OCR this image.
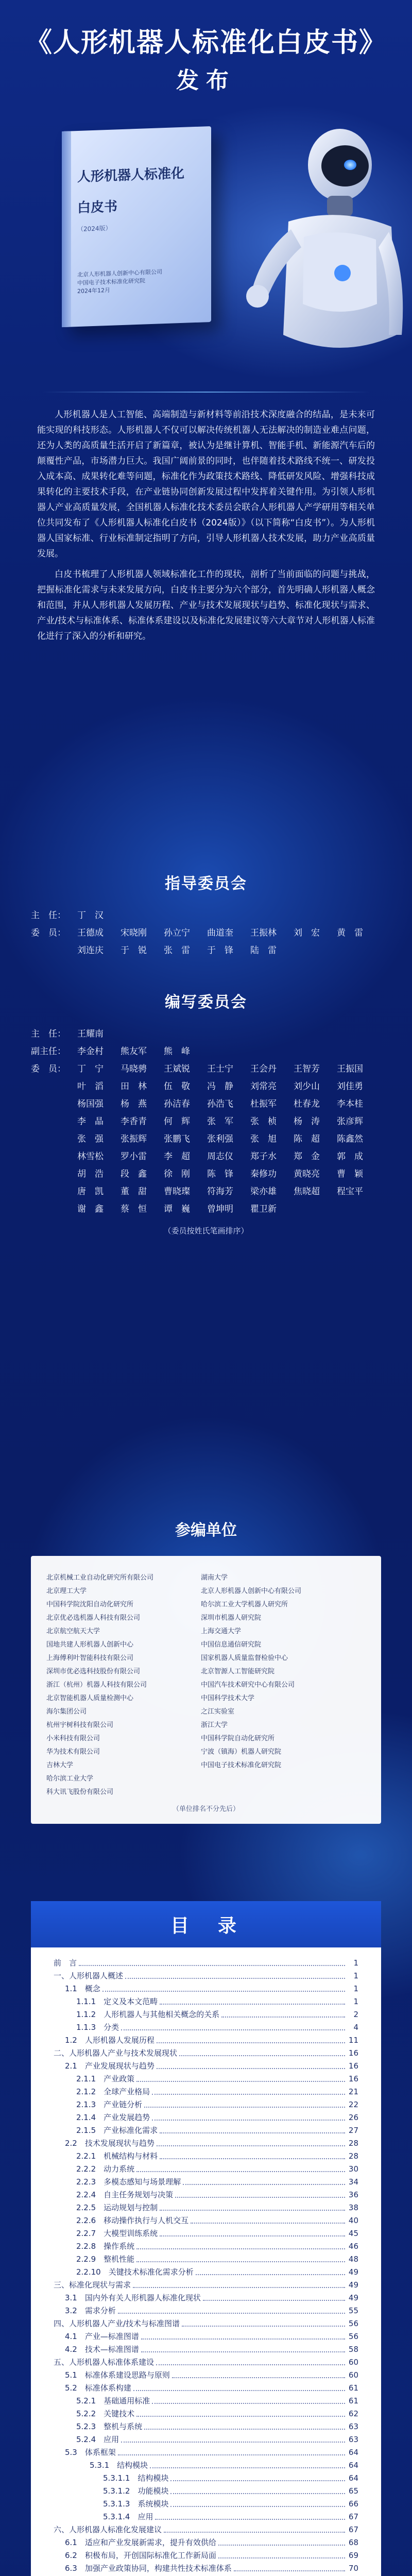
《人形机器人标准化白皮书》
发布
人形机器人标准化
白皮书
（2024版）
北京人形机器人创新中心有限公司
中国电子技术标准化研究院
2024年12月

人形机器人是人工智能、高端制造与新材料等前沿技术深度融合的结晶，是未来可能实现的科技形态。人形机器人不仅可以解决传统机器人无法解决的制造业难点问题，还为人类的高质量生活开启了新篇章，被认为是继计算机、智能手机、新能源汽车后的颠覆性产品，市场潜力巨大。我国广阔前景的同时，也伴随着技术路线不统一、研发投入成本高、成果转化难等问题，标准化作为政策技术路线、降低研发风险、增强科技成果转化的主要技术手段，在产业链协同创新发展过程中发挥着关键作用。为引领人形机器人产业高质量发展，全国机器人标准化技术委员会联合人形机器人产学研用等相关单位共同发布了《人形机器人标准化白皮书（2024版）》（以下简称“白皮书”）。为人形机器人国家标准、行业标准制定指明了方向，引导人形机器人技术发展，助力产业高质量发展。

白皮书梳理了人形机器人领域标准化工作的现状，剖析了当前面临的问题与挑战，把握标准化需求与未来发展方向，白皮书主要分为六个部分，首先明确人形机器人概念和范围，并从人形机器人发展历程、产业与技术发展现状与趋势、标准化现状与需求、产业/技术与标准体系、标准体系建设以及标准化发展建议等六大章节对人形机器人标准化进行了深入的分析和研究。

指导委员会
主　任：	丁　汉
委　员：	王德成	宋晓刚	孙立宁	曲道奎	王振林	刘　宏	黄　雷
刘连庆	于　锐	张　雷	于　锋	陆　雷
编写委员会
主　任：	王耀南
副主任：	李金村	熊友军	熊　峰
委　员：	丁　宁	马晓骋	王斌锐	王士宁	王会丹	王智芳	王振国
叶　滔	田　林	伍　敬	冯　静	刘常亮	刘少山	刘佳勇
杨国强	杨　燕	孙洁春	孙浩飞	杜振军	杜春龙	李本桂
李　晶	李香青	何　辉	张　军	张　桢	杨　涛	张彦辉
张　强	张振辉	张鹏飞	张利强	张　旭	陈　超	陈鑫然
林雪松	罗小雷	李　超	周志仪	郑子水	郑　金	郭　成
胡　浩	段　鑫	徐　刚	陈　锋	秦修功	黄晓亮	曹　颖
唐　凯	董　甜	曹晓璨	符海芳	梁亦雄	焦晓超	程宝平
谢　鑫	蔡　恒	谭　巍	曾坤明	瞿卫新
（委员按姓氏笔画排序）
参编单位
北京机械工业自动化研究所有限公司	湖南大学
北京理工大学	北京人形机器人创新中心有限公司
中国科学院沈阳自动化研究所	哈尔滨工业大学机器人研究所
北京优必选机器人科技有限公司	深圳市机器人研究院
北京航空航天大学	上海交通大学
国地共建人形机器人创新中心	中国信息通信研究院
上海傅利叶智能科技有限公司	国家机器人质量监督检验中心
深圳市优必选科技股份有限公司	北京智源人工智能研究院
浙江（杭州）机器人科技有限公司	中国汽车技术研究中心有限公司
北京智能机器人质量检测中心	中国科学技术大学
海尔集团公司	之江实验室
杭州宇树科技有限公司	浙江大学
小米科技有限公司	中国科学院自动化研究所
华为技术有限公司	宁波（镇海）机器人研究院
吉林大学	中国电子技术标准化研究院
哈尔滨工业大学
科大讯飞股份有限公司
（单位排名不分先后）
目　录
前　言	1
一、人形机器人概述	1
1.1　概念	1
1.1.1　定义及本文范畴	1
1.1.2　人形机器人与其他相关概念的关系	2
1.1.3　分类	4
1.2　人形机器人发展历程	11
二、人形机器人产业与技术发展现状	16
2.1　产业发展现状与趋势	16
2.1.1　产业政策	16
2.1.2　全球产业格局	21
2.1.3　产业链分析	22
2.1.4　产业发展趋势	26
2.1.5　产业标准化需求	27
2.2　技术发展现状与趋势	28
2.2.1　机械结构与材料	28
2.2.2　动力系统	30
2.2.3　多模态感知与场景理解	34
2.2.4　自主任务规划与决策	36
2.2.5　运动规划与控制	38
2.2.6　移动操作执行与人机交互	40
2.2.7　大模型训练系统	45
2.2.8　操作系统	46
2.2.9　整机性能	48
2.2.10　关键技术标准化需求分析	49
三、标准化现状与需求	49
3.1　国内外有关人形机器人标准化现状	49
3.2　需求分析	55
四、人形机器人产业/技术与标准图谱	56
4.1　产业—标准图谱	56
4.2　技术—标准图谱	58
五、人形机器人标准体系建设	60
5.1　标准体系建设思路与原则	60
5.2　标准体系构建	61
5.2.1　基础通用标准	61
5.2.2　关键技术	62
5.2.3　整机与系统	63
5.2.4　应用	63
5.3　体系框架	64
5.3.1　结构模块	64
5.3.1.1　结构模块	64
5.3.1.2　功能模块	65
5.3.1.3　系统模块	66
5.3.1.4　应用	67
六、人形机器人标准化发展建议	67
6.1　适应和产业发展新需求，提升有效供给	68
6.2　积极布局，开创国际标准化工作新局面	69
6.3　加强产业政策协同，构建共性技术标准体系	70
